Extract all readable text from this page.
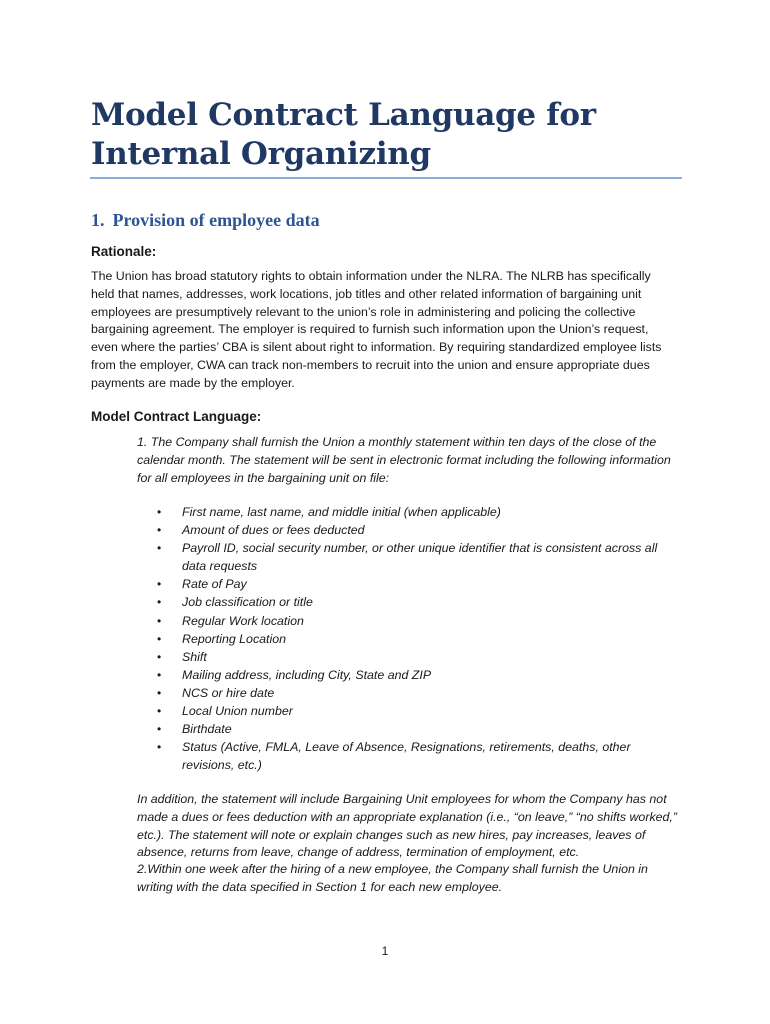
Model Contract Language for Internal Organizing
1. Provision of employee data

Rationale:

The Union has broad statutory rights to obtain information under the NLRA. The NLRB has specifically held that names, addresses, work locations, job titles and other related information of bargaining unit employees are presumptively relevant to the union’s role in administering and policing the collective bargaining agreement. The employer is required to furnish such information upon the Union’s request, even where the parties’ CBA is silent about right to information. By requiring standardized employee lists from the employer, CWA can track non-members to recruit into the union and ensure appropriate dues payments are made by the employer.

Model Contract Language:

1. The Company shall furnish the Union a monthly statement within ten days of the close of the calendar month. The statement will be sent in electronic format including the following information for all employees in the bargaining unit on file:

• First name, last name, and middle initial (when applicable)
• Amount of dues or fees deducted
• Payroll ID, social security number, or other unique identifier that is consistent across all data requests
• Rate of Pay
• Job classification or title
• Regular Work location
• Reporting Location
• Shift
• Mailing address, including City, State and ZIP
• NCS or hire date
• Local Union number
• Birthdate
• Status (Active, FMLA, Leave of Absence, Resignations, retirements, deaths, other revisions, etc.)

In addition, the statement will include Bargaining Unit employees for whom the Company has not made a dues or fees deduction with an appropriate explanation (i.e., “on leave,” “no shifts worked,” etc.). The statement will note or explain changes such as new hires, pay increases, leaves of absence, returns from leave, change of address, termination of employment, etc.

2.Within one week after the hiring of a new employee, the Company shall furnish the Union in writing with the data specified in Section 1 for each new employee.

1
